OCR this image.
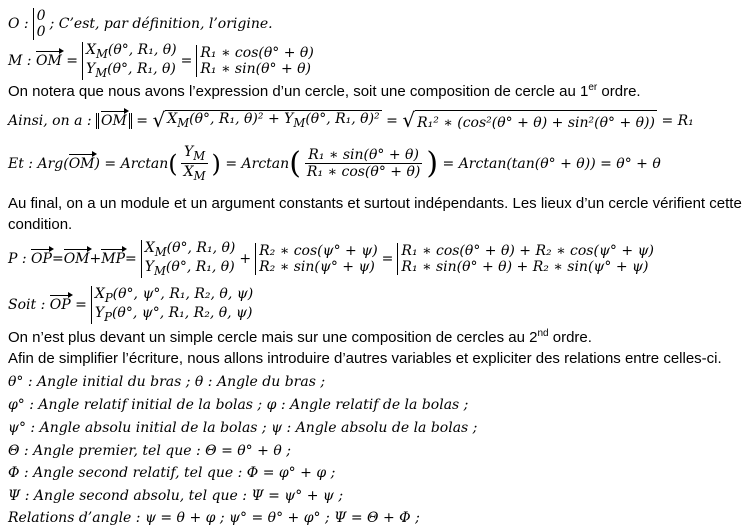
O :
0
0
; C’est, par définition, l’origine.
M :
OM
=
$X_M(\theta^\circ$, R₁, θ)
$Y_M(\theta^\circ$, R₁, θ)
=
R₁ ∗ cos(θ° + θ)
R₁ ∗ sin(θ° + θ)
On notera que nous avons l’expression d’un cercle, soit une composition de cercle au 1er ordre.
Ainsi, on a :
OM
=
√ $X_M(\theta^\circ$, R₁, $\theta)^2 + Y_M(\theta^\circ$, R₁, θ)²
=
√ R₁² ∗ (cos²(θ° + θ) + sin²(θ° + θ))
= R₁
Et : Arg( OM ) = Arctan ( $\frac{Y_M}{X_M}$ )
= Arctan ( $\frac{\text{R₁ ∗ sin(θ° + θ)}}{\text{R₁ ∗ cos(θ° + θ)}}$ )
= Arctan(tan(θ° + θ)) = θ° + θ
Au final, on a un module et un argument constants et surtout indépendants. Les lieux d’un cercle vérifient cette
condition.
P :
OP = OM + MP =
$X_M(\theta^\circ$, R₁, θ)
$Y_M(\theta^\circ$, R₁, θ)
+
R₂ ∗ cos(ψ° + ψ)
R₂ ∗ sin(ψ° + ψ)
=
R₁ ∗ cos(θ° + θ) + R₂ ∗ cos(ψ° + ψ)
R₁ ∗ sin(θ° + θ) + R₂ ∗ sin(ψ° + ψ)
Soit :
OP
=
$X_P(\theta^\circ$, ψ°, R₁, R₂, θ, ψ)
$Y_P(\theta^\circ$, ψ°, R₁, R₂, θ, ψ)
On n’est plus devant un simple cercle mais sur une composition de cercles au 2nd ordre.
Afin de simplifier l’écriture, nous allons introduire d’autres variables et expliciter des relations entre celles-ci.
θ° : Angle initial du bras ; θ : Angle du bras ;
φ° : Angle relatif initial de la bolas ; φ : Angle relatif de la bolas ;
ψ° : Angle absolu initial de la bolas ; ψ : Angle absolu de la bolas ;
Θ : Angle premier, tel que : Θ = θ° + θ ;
Φ : Angle second relatif, tel que : Φ = φ° + φ ;
Ψ : Angle second absolu, tel que : Ψ = ψ° + ψ ;
Relations d’angle : ψ = θ + φ ; ψ° = θ° + φ° ; Ψ = Θ + Φ ;
